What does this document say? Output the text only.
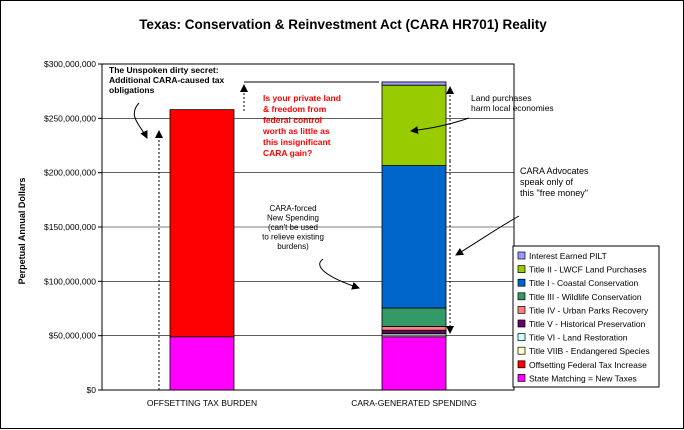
Texas: Conservation & Reinvestment Act (CARA HR701) Reality
$0
$50,000,000
$100,000,000
$150,000,000
$200,000,000
$250,000,000
$300,000,000
Perpetual Annual Dollars
OFFSETTING TAX BURDEN	CARA-GENERATED SPENDING
The Unspoken dirty secret:
Additional CARA-caused tax
obligations
Is your private land
& freedom from
federal control
worth as little as
this insignificant
CARA gain?
Land purchases
harm local economies
CARA Advocates
speak only of
this "free money"
CARA-forced
New Spending
(can't be used
to relieve existing
burdens)
Interest Earned PILT
Title II - LWCF Land Purchases
Title I - Coastal Conservation
Title III - Wildlife Conservation
Title IV - Urban Parks Recovery
Title V - Historical Preservation
Title VI - Land Restoration
Title VIIB - Endangered Species
Offsetting Federal Tax Increase
State Matching = New Taxes
